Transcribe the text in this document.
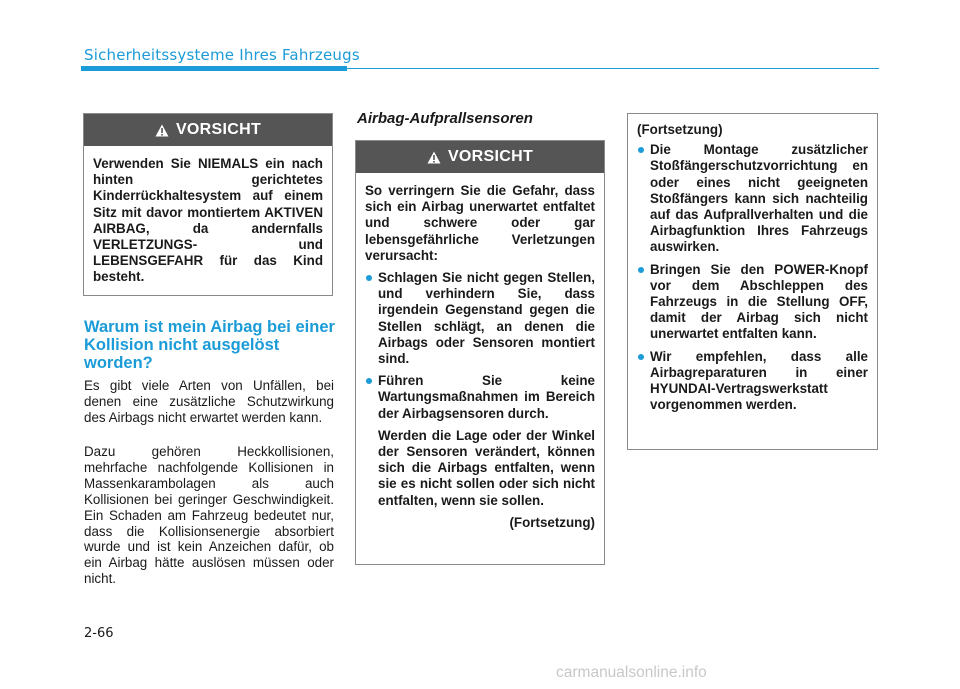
Sicherheitssysteme Ihres Fahrzeugs
VORSICHT

Verwenden Sie NIEMALS ein nach hinten gerichtetes Kinderrückhaltesystem auf einem Sitz mit davor montiertem AKTIVEN AIRBAG, da andernfalls VERLETZUNGS- und LEBENSGEFAHR für das Kind besteht.

Warum ist mein Airbag bei einer Kollision nicht ausgelöst worden?

Es gibt viele Arten von Unfällen, bei denen eine zusätzliche Schutzwirkung des Airbags nicht erwartet werden kann.

Dazu gehören Heckkollisionen, mehrfache nachfolgende Kollisionen in Massenkarambolagen als auch Kollisionen bei geringer Geschwindigkeit. Ein Schaden am Fahrzeug bedeutet nur, dass die Kollisionsenergie absorbiert wurde und ist kein Anzeichen dafür, ob ein Airbag hätte auslösen müssen oder nicht.

Airbag-Aufprallsensoren
VORSICHT

So verringern Sie die Gefahr, dass sich ein Airbag unerwartet entfaltet und schwere oder gar lebensgefährliche Verletzungen verursacht:

Schlagen Sie nicht gegen Stellen, und verhindern Sie, dass irgendein Gegenstand gegen die Stellen schlägt, an denen die Airbags oder Sensoren montiert sind.
Führen Sie keine Wartungsmaßnahmen im Bereich der Airbagsensoren durch.

Werden die Lage oder der Winkel der Sensoren verändert, können sich die Airbags entfalten, wenn sie es nicht sollen oder sich nicht entfalten, wenn sie sollen.

(Fortsetzung)

(Fortsetzung)

Die Montage zusätzlicher Stoßfängerschutzvorrichtung en oder eines nicht geeigneten Stoßfängers kann sich nachteilig auf das Aufprallverhalten und die Airbagfunktion Ihres Fahrzeugs auswirken.
Bringen Sie den POWER-Knopf vor dem Abschleppen des Fahrzeugs in die Stellung OFF, damit der Airbag sich nicht unerwartet entfalten kann.
Wir empfehlen, dass alle Airbagreparaturen in einer HYUNDAI-Vertragswerkstatt vorgenommen werden.
2-66
carmanualsonline.info
